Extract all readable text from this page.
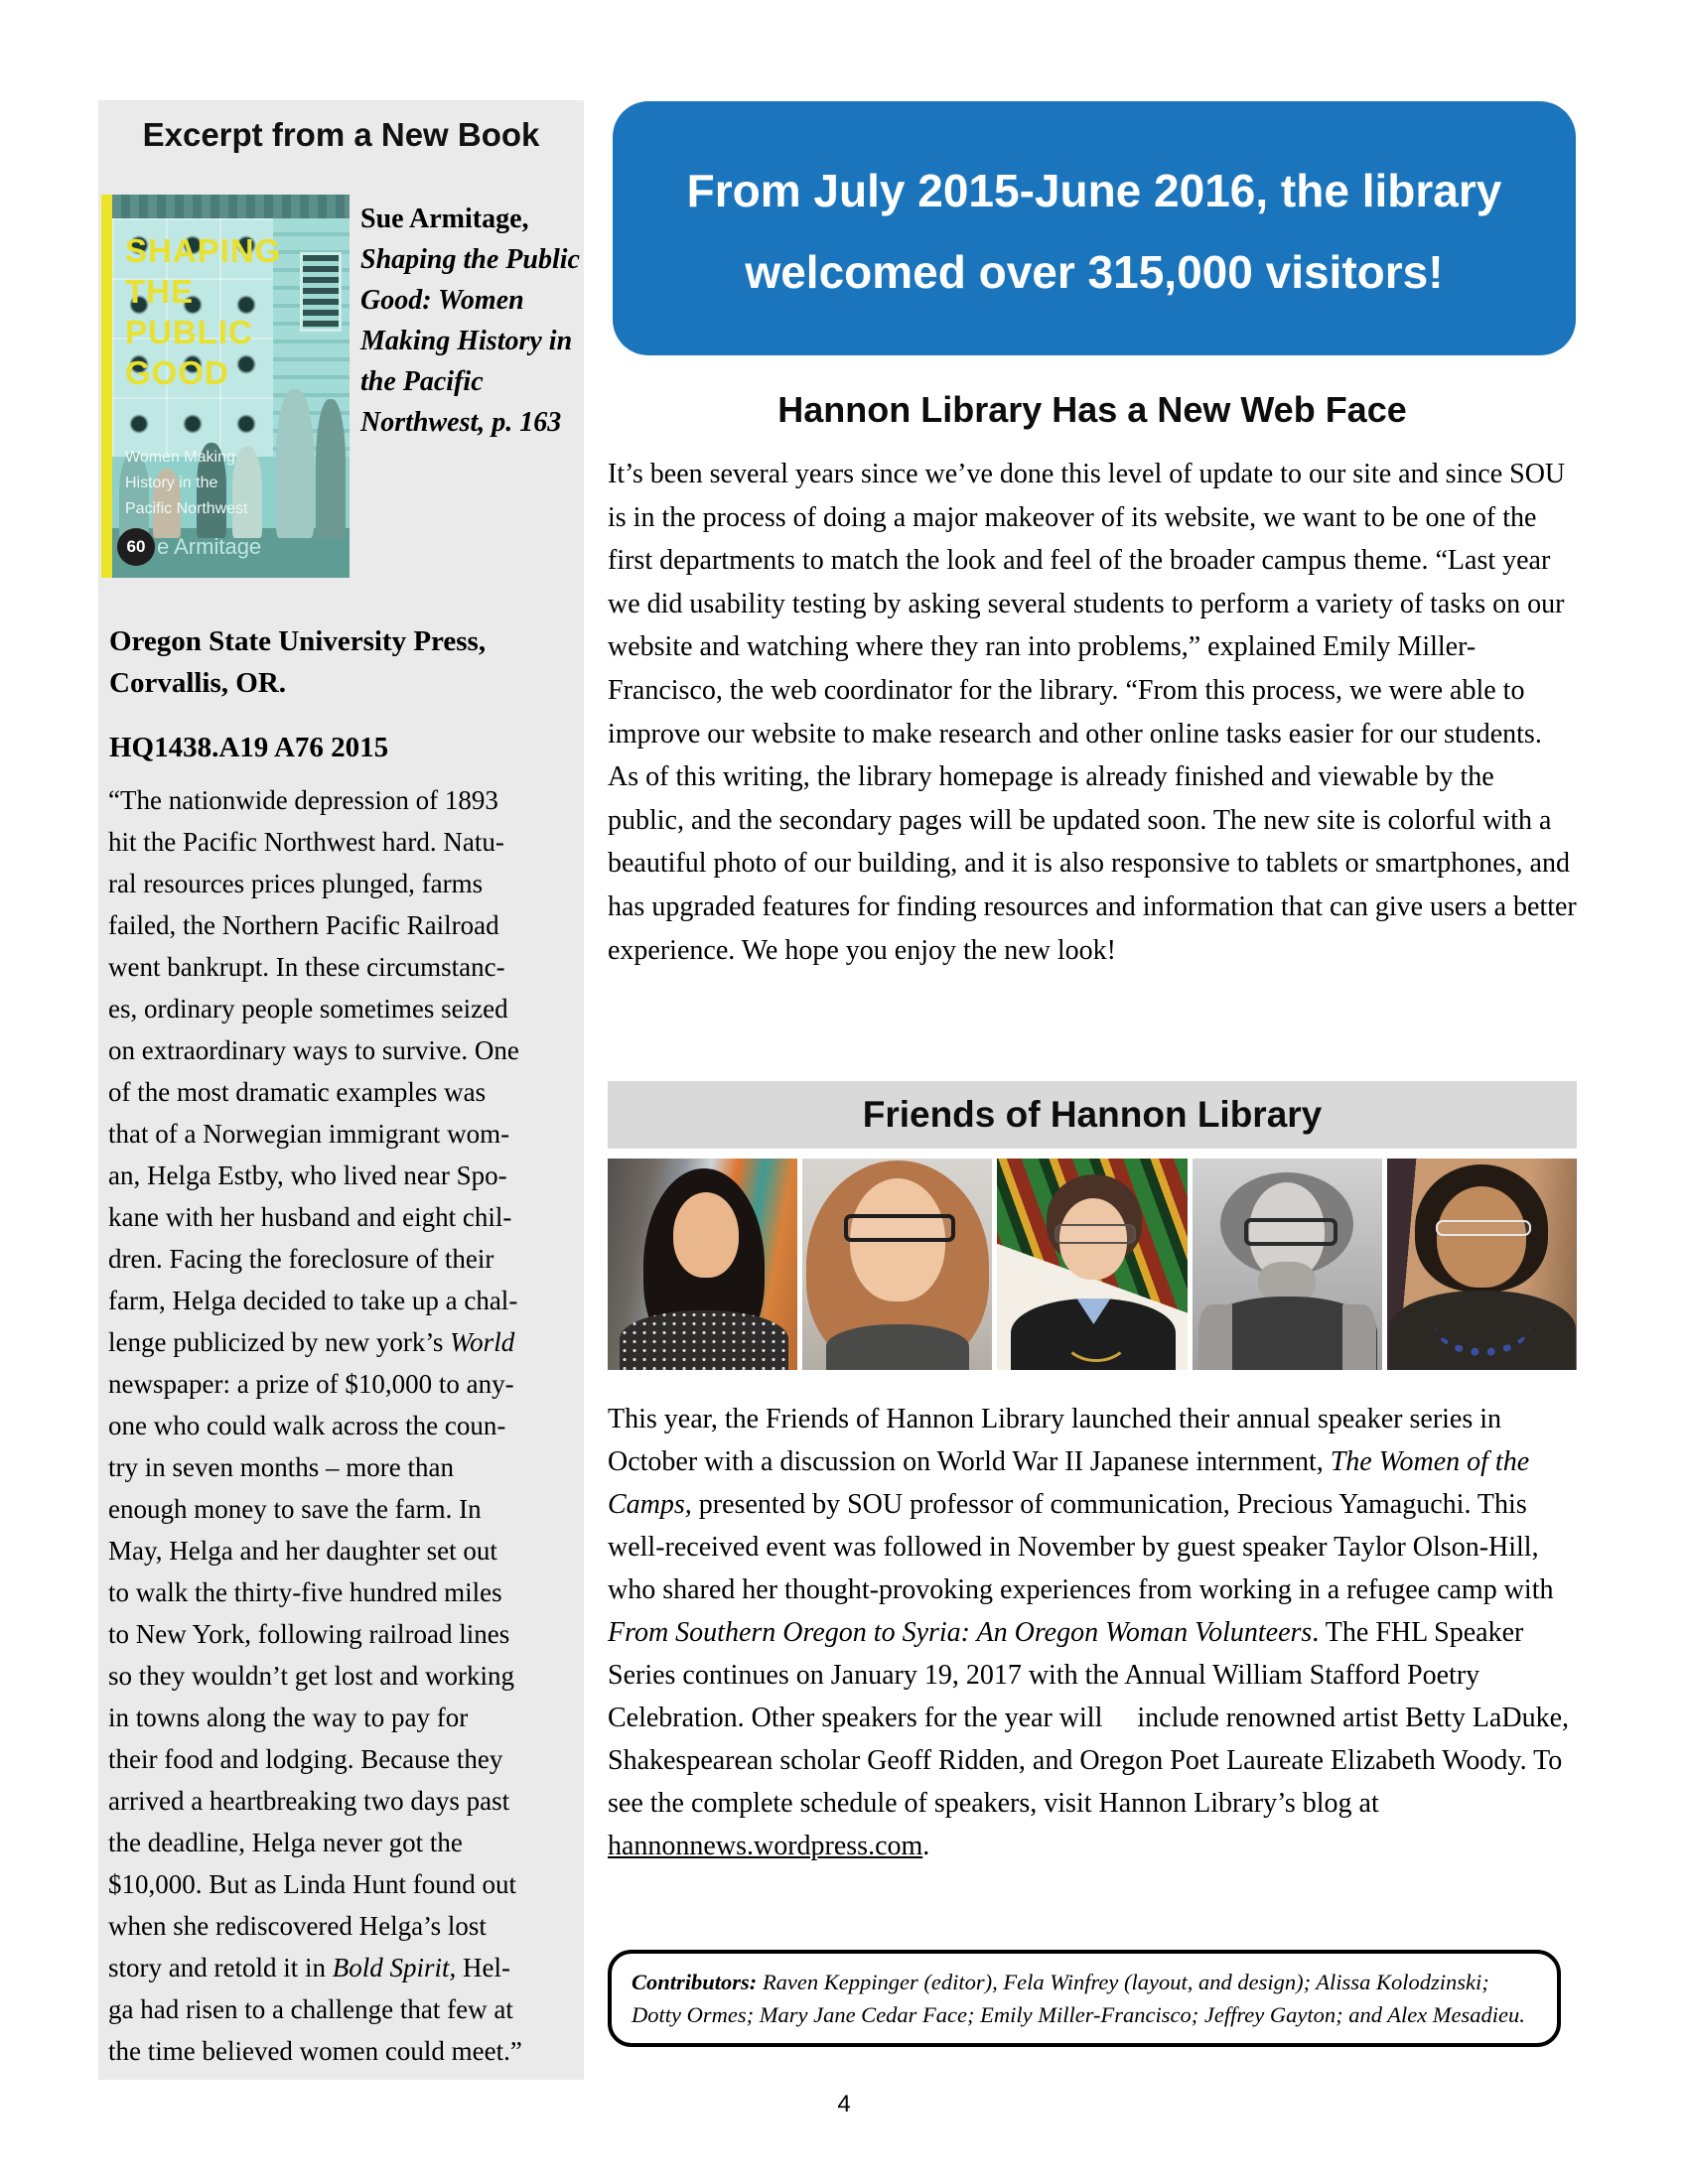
Excerpt from a New Book
SHAPING
THE
PUBLIC
GOOD
Women Making
History in the
Pacific Northwest
60 e Armitage
Sue Armitage, Shaping the Public Good: Women Making History in the Pacific Northwest, p. 163
Oregon State University Press, Corvallis, OR.
HQ1438.A19 A76 2015
“The nationwide depression of 1893
hit the Pacific Northwest hard. Natu-
ral resources prices plunged, farms
failed, the Northern Pacific Railroad
went bankrupt. In these circumstanc-
es, ordinary people sometimes seized
on extraordinary ways to survive. One
of the most dramatic examples was
that of a Norwegian immigrant wom-
an, Helga Estby, who lived near Spo-
kane with her husband and eight chil-
dren. Facing the foreclosure of their
farm, Helga decided to take up a chal-
lenge publicized by new york’s World
newspaper: a prize of $10,000 to any-
one who could walk across the coun-
try in seven months – more than
enough money to save the farm. In
May, Helga and her daughter set out
to walk the thirty-five hundred miles
to New York, following railroad lines
so they wouldn’t get lost and working
in towns along the way to pay for
their food and lodging. Because they
arrived a heartbreaking two days past
the deadline, Helga never got the
$10,000. But as Linda Hunt found out
when she rediscovered Helga’s lost
story and retold it in Bold Spirit, Hel-
ga had risen to a challenge that few at
the time believed women could meet.”
From July 2015-June 2016, the library
welcomed over 315,000 visitors!
Hannon Library Has a New Web Face
It’s been several years since we’ve done this level of update to our site and since SOU is in the process of doing a major makeover of its website, we want to be one of the first departments to match the look and feel of the broader campus theme. “Last year we did usability testing by asking several students to perform a variety of tasks on our website and watching where they ran into problems,” explained Emily Miller-Francisco, the web coordinator for the library. “From this process, we were able to improve our website to make research and other online tasks easier for our students. As of this writing, the library homepage is already finished and viewable by the public, and the secondary pages will be updated soon. The new site is colorful with a beautiful photo of our building, and it is also responsive to tablets or smartphones, and has upgraded features for finding resources and information that can give users a better experience. We hope you enjoy the new look!
Friends of Hannon Library
This year, the Friends of Hannon Library launched their annual speaker series in October with a discussion on World War II Japanese internment, The Women of the Camps, presented by SOU professor of communication, Precious Yamaguchi. This well-received event was followed in November by guest speaker Taylor Olson-Hill, who shared her thought-provoking experiences from working in a refugee camp with From Southern Oregon to Syria: An Oregon Woman Volunteers. The FHL Speaker Series continues on January 19, 2017 with the Annual William Stafford Poetry Celebration. Other speakers for the year will     include renowned artist Betty LaDuke, Shakespearean scholar Geoff Ridden, and Oregon Poet Laureate Elizabeth Woody. To see the complete schedule of speakers, visit Hannon Library’s blog at hannonnews.wordpress.com.
Contributors: Raven Keppinger (editor), Fela Winfrey (layout, and design); Alissa Kolodzinski; Dotty Ormes; Mary Jane Cedar Face; Emily Miller-Francisco; Jeffrey Gayton; and Alex Mesadieu.
4
